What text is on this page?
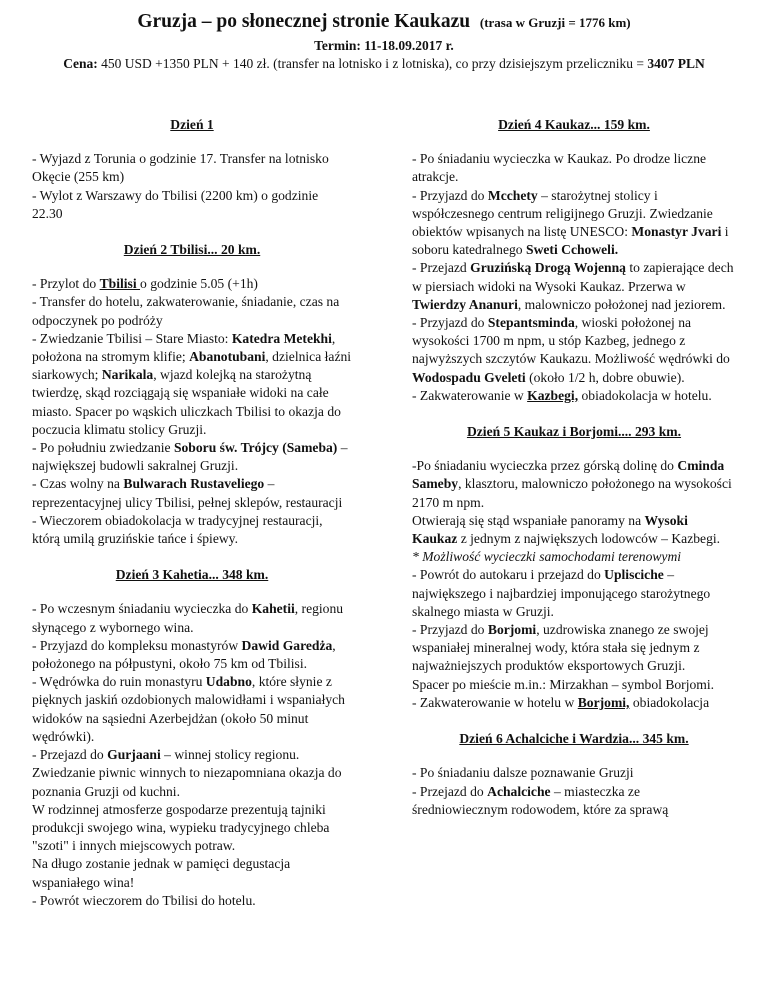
Gruzja – po słonecznej stronie Kaukazu (trasa w Gruzji = 1776 km)
Termin: 11-18.09.2017 r.
Cena: 450 USD +1350 PLN + 140 zł. (transfer na lotnisko i z lotniska), co przy dzisiejszym przeliczniku = 3407 PLN
Dzień 1

- Wyjazd z Torunia o godzinie 17. Transfer na lotnisko Okęcie (255 km)

- Wylot z Warszawy do Tbilisi (2200 km) o godzinie 22.30

Dzień 2 Tbilisi... 20 km.

- Przylot do Tbilisi o godzinie 5.05 (+1h)

- Transfer do hotelu, zakwaterowanie, śniadanie, czas na odpoczynek po podróży

- Zwiedzanie Tbilisi – Stare Miasto: Katedra Metekhi, położona na stromym klifie; Abanotubani, dzielnica łaźni siarkowych; Narikala, wjazd kolejką na starożytną twierdzę, skąd rozciągają się wspaniałe widoki na całe miasto. Spacer po wąskich uliczkach Tbilisi to okazja do poczucia klimatu stolicy Gruzji.

- Po południu zwiedzanie Soboru św. Trójcy (Sameba) – największej budowli sakralnej Gruzji.

- Czas wolny na Bulwarach Rustaveliego – reprezentacyjnej ulicy Tbilisi, pełnej sklepów, restauracji

- Wieczorem obiadokolacja w tradycyjnej restauracji, którą umilą gruzińskie tańce i śpiewy.

Dzień 3 Kahetia... 348 km.

- Po wczesnym śniadaniu wycieczka do Kahetii, regionu słynącego z wybornego wina.

- Przyjazd do kompleksu monastyrów Dawid Garedża, położonego na półpustyni, około 75 km od Tbilisi.

- Wędrówka do ruin monastyru Udabno, które słynie z pięknych jaskiń ozdobionych malowidłami i wspaniałych widoków na sąsiedni Azerbejdżan (około 50 minut wędrówki).

- Przejazd do Gurjaani – winnej stolicy regionu. Zwiedzanie piwnic winnych to niezapomniana okazja do poznania Gruzji od kuchni.

W rodzinnej atmosferze gospodarze prezentują tajniki produkcji swojego wina, wypieku tradycyjnego chleba "szoti" i innych miejscowych potraw.

Na długo zostanie jednak w pamięci degustacja wspaniałego wina!

- Powrót wieczorem do Tbilisi do hotelu.

Dzień 4 Kaukaz... 159 km.

- Po śniadaniu wycieczka w Kaukaz. Po drodze liczne atrakcje.

- Przyjazd do Mcchety – starożytnej stolicy i współczesnego centrum religijnego Gruzji. Zwiedzanie obiektów wpisanych na listę UNESCO: Monastyr Jvari i soboru katedralnego Sweti Cchoweli.

- Przejazd Gruzińską Drogą Wojenną to zapierające dech w piersiach widoki na Wysoki Kaukaz. Przerwa w Twierdzy Ananuri, malowniczo położonej nad jeziorem.

- Przyjazd do Stepantsminda, wioski położonej na wysokości 1700 m npm, u stóp Kazbeg, jednego z najwyższych szczytów Kaukazu. Możliwość wędrówki do Wodospadu Gveleti (około 1/2 h, dobre obuwie).

- Zakwaterowanie w Kazbegi, obiadokolacja w hotelu.

Dzień 5 Kaukaz i Borjomi.... 293 km.

-Po śniadaniu wycieczka przez górską dolinę do Cminda Sameby, klasztoru, malowniczo położonego na wysokości 2170 m npm.

Otwierają się stąd wspaniałe panoramy na Wysoki Kaukaz z jednym z największych lodowców – Kazbegi.

* Możliwość wycieczki samochodami terenowymi

- Powrót do autokaru i przejazd do Uplisciche – największego i najbardziej imponującego starożytnego skalnego miasta w Gruzji.

- Przyjazd do Borjomi, uzdrowiska znanego ze swojej wspaniałej mineralnej wody, która stała się jednym z najważniejszych produktów eksportowych Gruzji.

Spacer po mieście m.in.: Mirzakhan – symbol Borjomi.

- Zakwaterowanie w hotelu w Borjomi, obiadokolacja

Dzień 6 Achalciche i Wardzia... 345 km.

- Po śniadaniu dalsze poznawanie Gruzji

- Przejazd do Achalciche – miasteczka ze średniowiecznym rodowodem, które za sprawą
